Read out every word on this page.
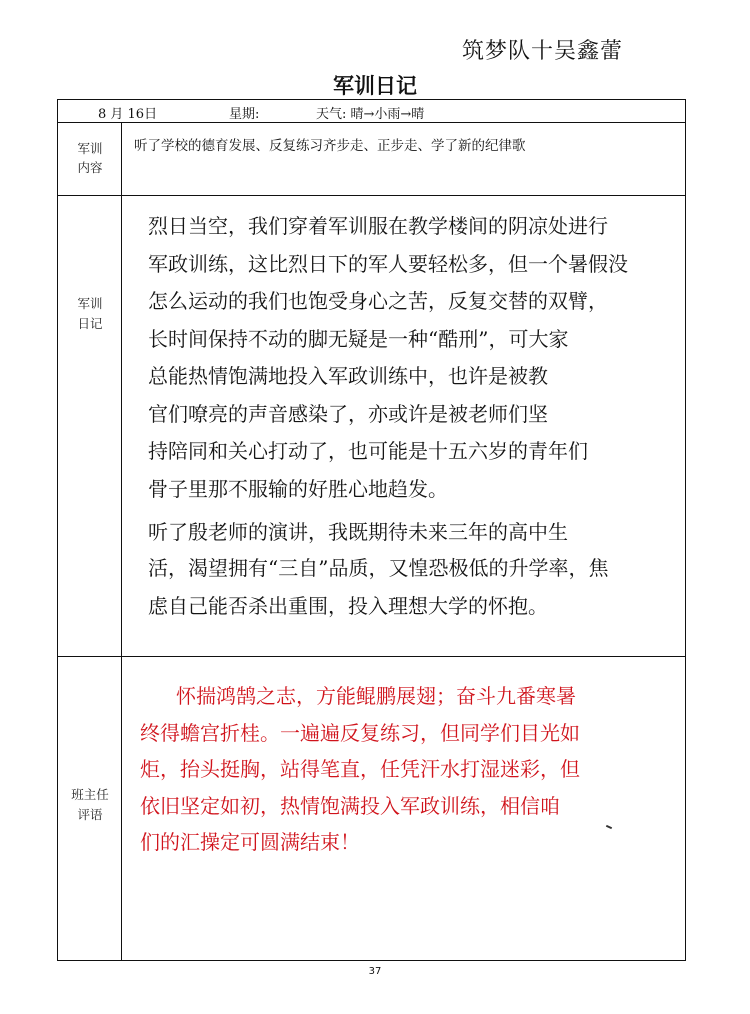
筑梦队十吴鑫蕾
军训日记
8 月 16日	星期:	天气: 晴→小雨→晴
军训
内容
军训
日记
班主任
评语
听了学校的德育发展、反复练习齐步走、正步走、学了新的纪律歌

烈日当空，我们穿着军训服在教学楼间的阴凉处进行

军政训练，这比烈日下的军人要轻松多，但一个暑假没

怎么运动的我们也饱受身心之苦，反复交替的双臂，

长时间保持不动的脚无疑是一种“酷刑”，可大家

总能热情饱满地投入军政训练中，也许是被教

官们嘹亮的声音感染了，亦或许是被老师们坚

持陪同和关心打动了，也可能是十五六岁的青年们

骨子里那不服输的好胜心地趋发。

听了殷老师的演讲，我既期待未来三年的高中生

活，渴望拥有“三自”品质，又惶恐极低的升学率，焦

虑自己能否杀出重围，投入理想大学的怀抱。

怀揣鸿鹄之志，方能鲲鹏展翅；奋斗九番寒暑

终得蟾宫折桂。一遍遍反复练习，但同学们目光如

炬，抬头挺胸，站得笔直，任凭汗水打湿迷彩，但

依旧坚定如初，热情饱满投入军政训练，相信咱

们的汇操定可圆满结束！

37
